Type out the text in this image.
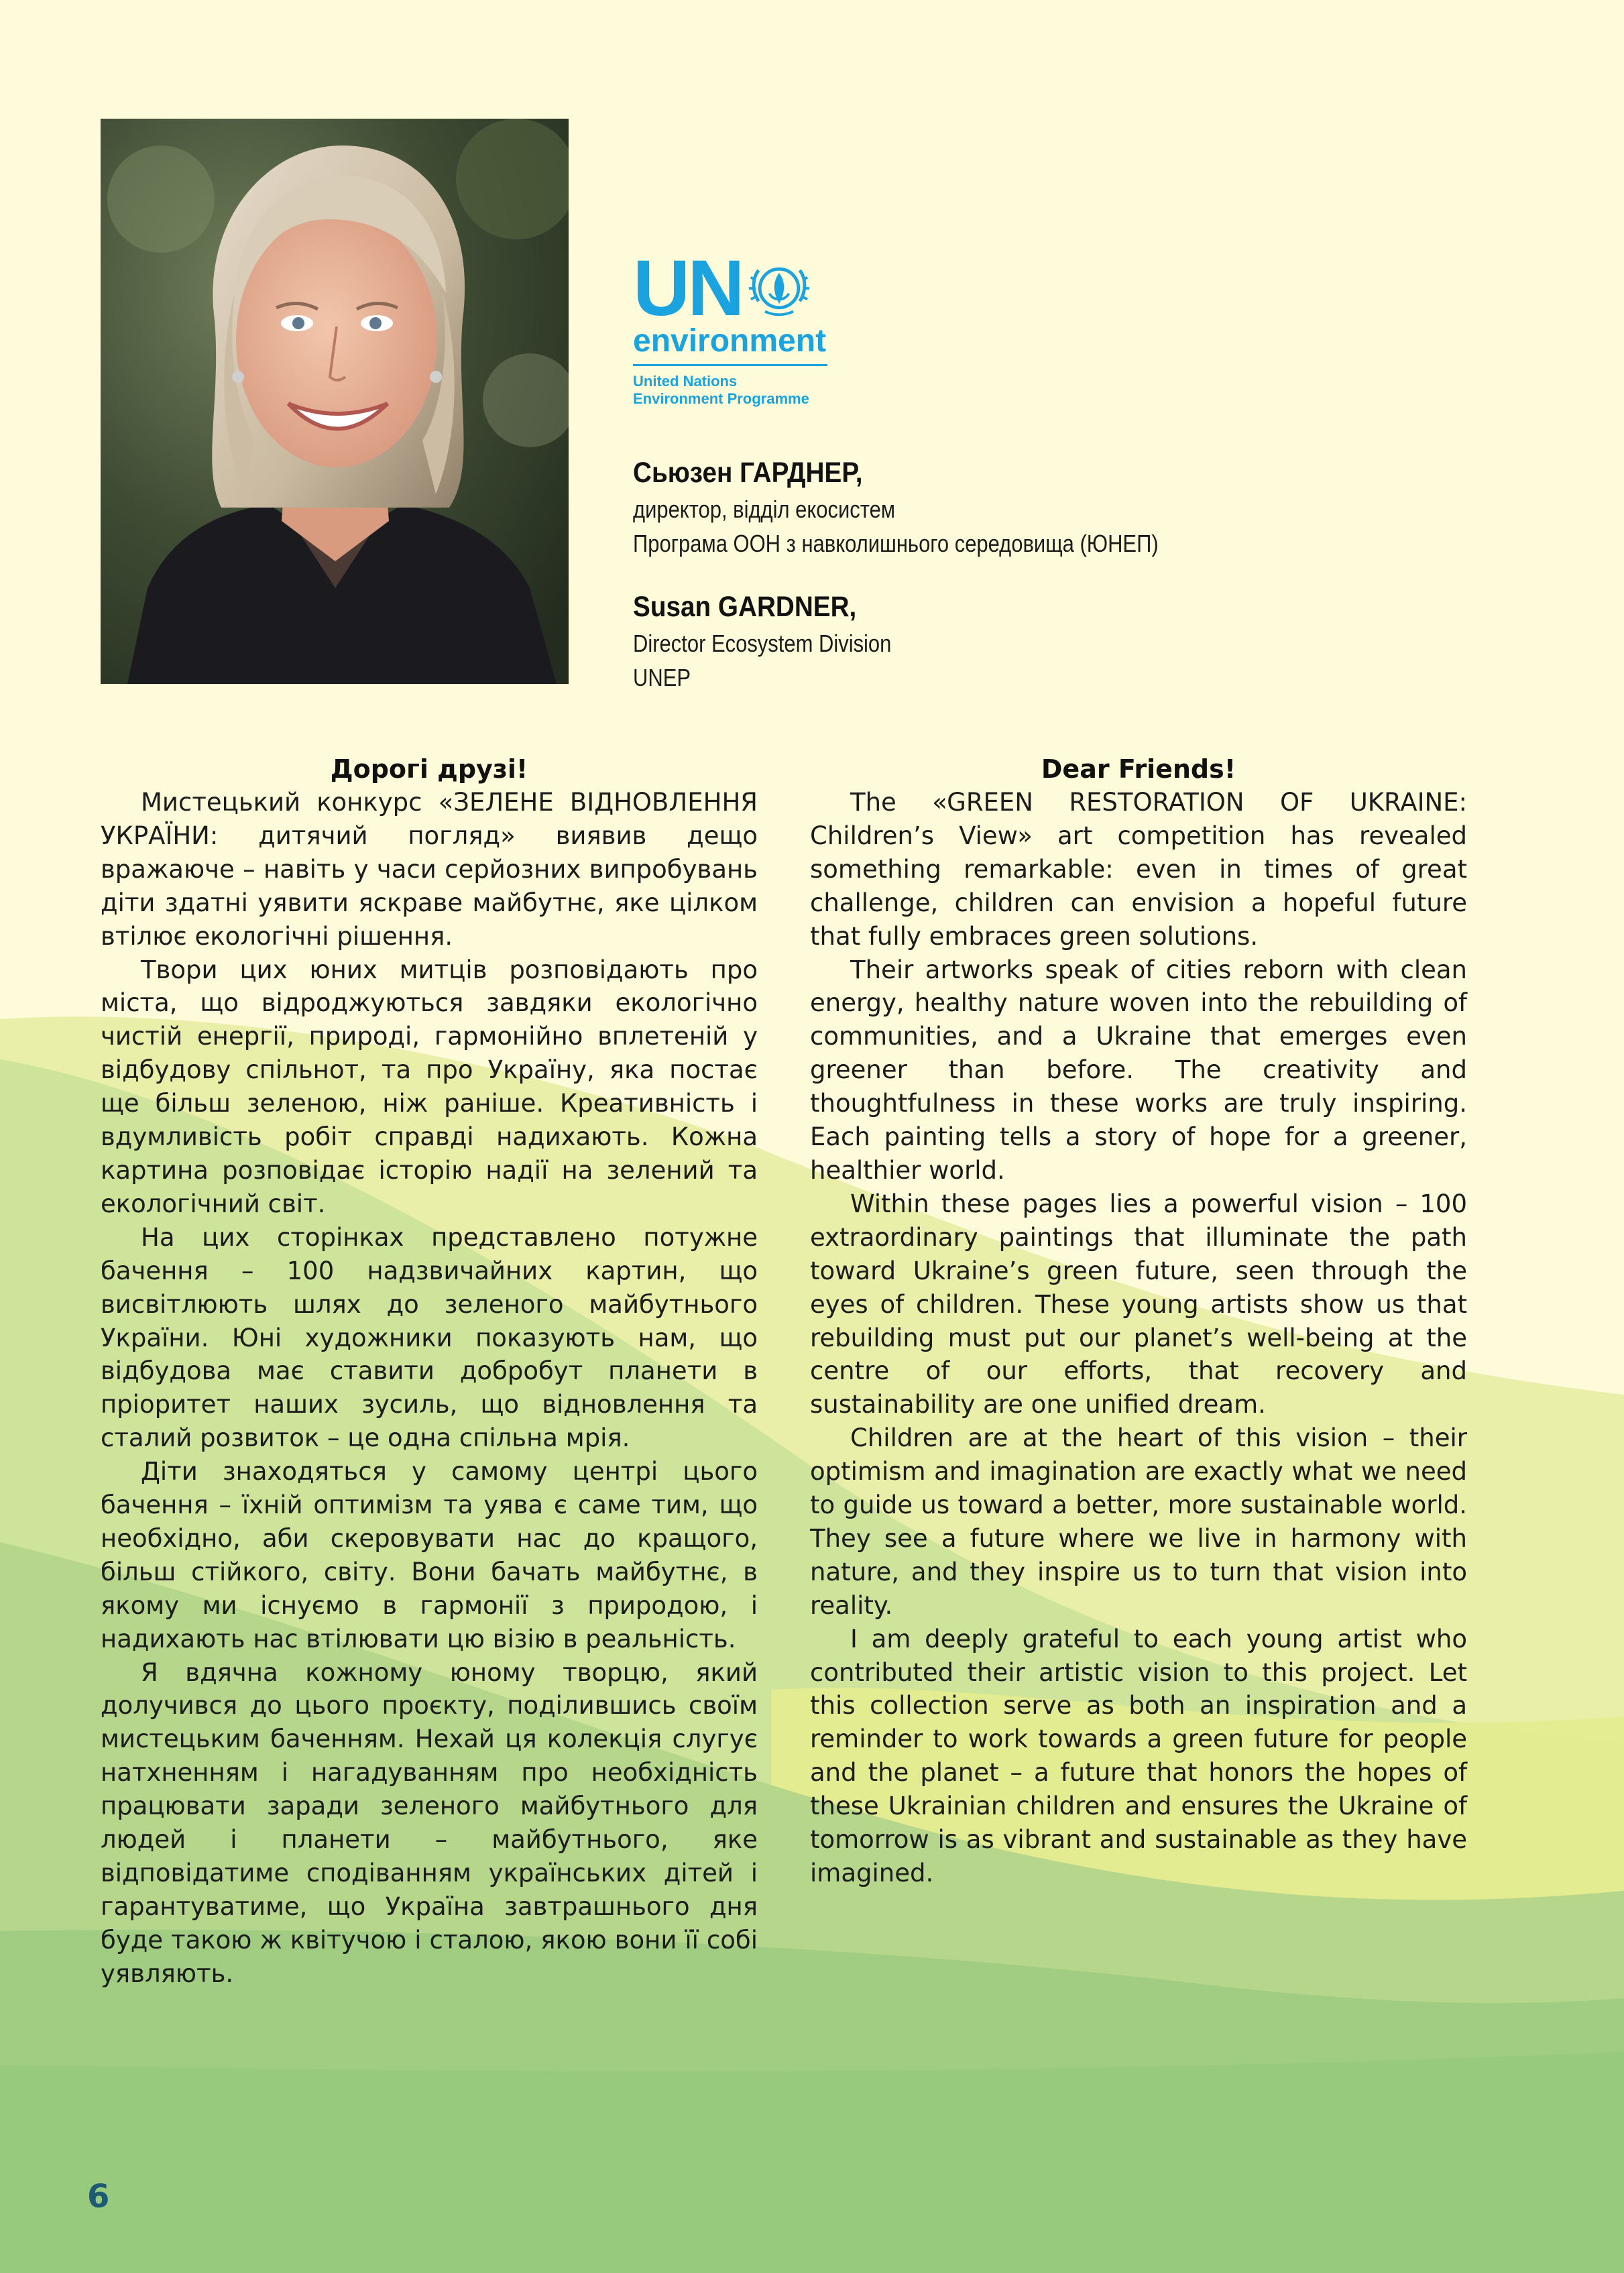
UN
environment
United Nations
Environment Programme
Сьюзен ГАРДНЕР,
директор, відділ екосистем
Програма ООН з навколишнього середовища (ЮНЕП)
Susan GARDNER,
Director Ecosystem Division
UNEP
Дорогі друзі!

Мистецький конкурс «ЗЕЛЕНЕ ВІДНОВЛЕННЯ УКРАЇНИ: дитячий погляд» виявив дещо вражаюче – навіть у часи серйозних випробувань діти здатні уявити яскраве майбутнє, яке цілком втілює екологічні рішення.

Твори цих юних митців розповідають про міста, що відроджуються завдяки екологічно чистій енергії, природі, гармонійно вплетеній у відбудову спільнот, та про Україну, яка постає ще більш зеленою, ніж раніше. Креативність і вдумливість робіт справді надихають. Кожна картина розповідає історію надії на зелений та екологічний світ.

На цих сторінках представлено потужне бачення – 100 надзвичайних картин, що висвітлюють шлях до зеленого майбутнього України. Юні художники показують нам, що відбудова має ставити добробут планети в пріоритет наших зусиль, що відновлення та сталий розвиток – це одна спільна мрія.

Діти знаходяться у самому центрі цього бачення – їхній оптимізм та уява є саме тим, що необхідно, аби скеровувати нас до кращого, більш стійкого, світу. Вони бачать майбутнє, в якому ми існуємо в гармонії з природою, і надихають нас втілювати цю візію в реальність.

Я вдячна кожному юному творцю, який долучився до цього проєкту, поділившись своїм мистецьким баченням. Нехай ця колекція слугує натхненням і нагадуванням про необхідність працювати заради зеленого майбутнього для людей і планети – майбутнього, яке відповідатиме сподіванням українських дітей і гарантуватиме, що Україна завтрашнього дня буде такою ж квітучою і сталою, якою вони її собі уявляють.

Dear Friends!

The «GREEN RESTORATION OF UKRAINE: Children’s View» art competition has revealed something remarkable: even in times of great challenge, children can envision a hopeful future that fully embraces green solutions.

Their artworks speak of cities reborn with clean energy, healthy nature woven into the rebuilding of communities, and a Ukraine that emerges even greener than before. The creativity and thoughtfulness in these works are truly inspiring. Each painting tells a story of hope for a greener, healthier world.

Within these pages lies a powerful vision – 100 extraordinary paintings that illuminate the path toward Ukraine’s green future, seen through the eyes of children. These young artists show us that rebuilding must put our planet’s well-being at the centre of our efforts, that recovery and sustainability are one unified dream.

Children are at the heart of this vision – their optimism and imagination are exactly what we need to guide us toward a better, more sustainable world. They see a future where we live in harmony with nature, and they inspire us to turn that vision into reality.

I am deeply grateful to each young artist who contributed their artistic vision to this project. Let this collection serve as both an inspiration and a reminder to work towards a green future for people and the planet – a future that honors the hopes of these Ukrainian children and ensures the Ukraine of tomorrow is as vibrant and sustainable as they have imagined.

6
